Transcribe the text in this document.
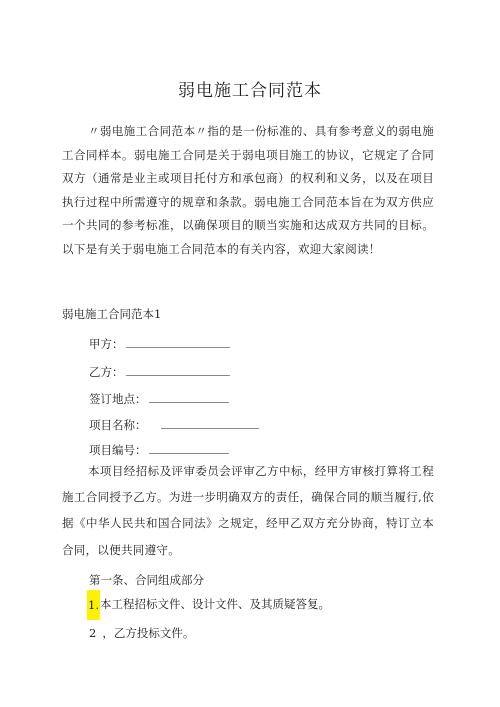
弱电施工合同范本

〃弱电施工合同范本〃指的是一份标准的、具有参考意义的弱电施工合同样本。弱电施工合同是关于弱电项目施工的协议，它规定了合同双方（通常是业主或项目托付方和承包商）的权利和义务，以及在项目执行过程中所需遵守的规章和条款。弱电施工合同范本旨在为双方供应一个共同的参考标准，以确保项目的顺当实施和达成双方共同的目标。以下是有关于弱电施工合同范本的有关内容，欢迎大家阅读！

弱电施工合同范本1

甲方：

乙方：

签订地点：

项目名称：

项目编号：

本项目经招标及评审委员会评审乙方中标，经甲方审核打算将工程施工合同授予乙方。为进一步明确双方的责任，确保合同的顺当履行,依据《中华人民共和国合同法》之规定，经甲乙双方充分协商，特订立本合同，以便共同遵守。

第一条、合同组成部分

1.本工程招标文件、设计文件、及其质疑答复。

2 ，乙方投标文件。
